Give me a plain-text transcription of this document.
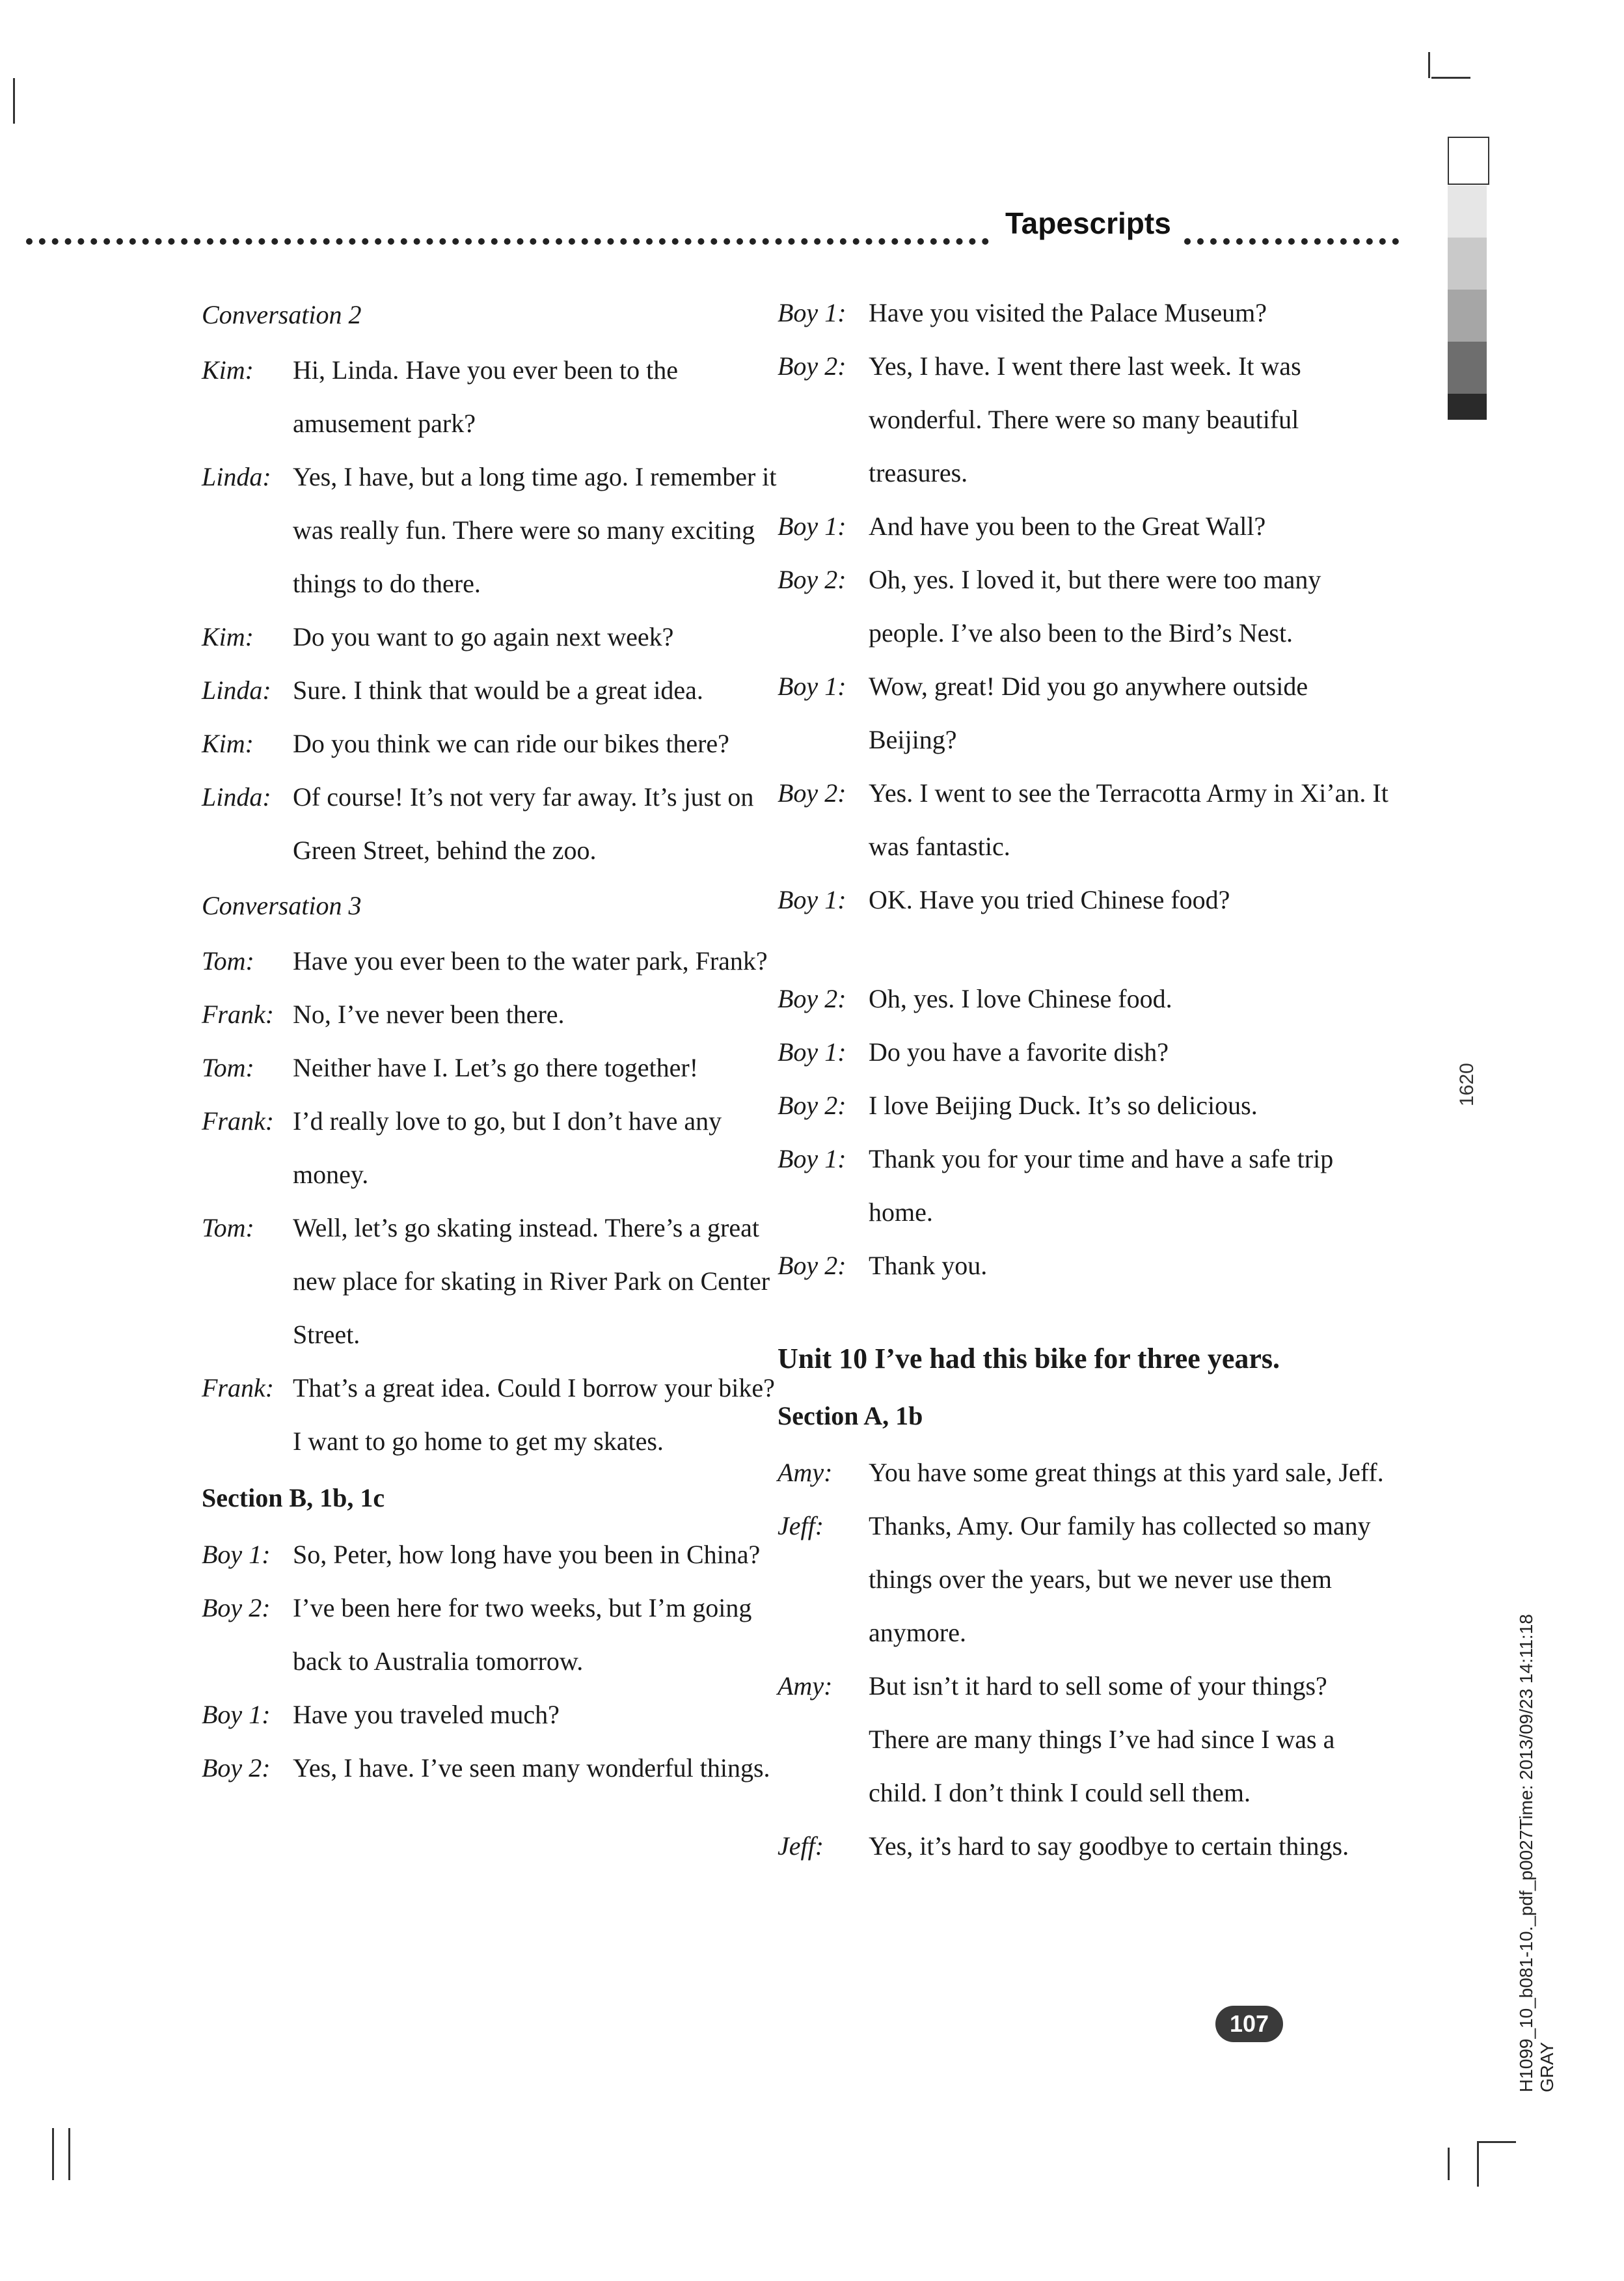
Tapescripts
Conversation 2
Kim: Hi, Linda. Have you ever been to the amusement park?
Linda: Yes, I have, but a long time ago. I remember it was really fun. There were so many exciting things to do there.
Kim: Do you want to go again next week?
Linda: Sure. I think that would be a great idea.
Kim: Do you think we can ride our bikes there?
Linda: Of course! It’s not very far away. It’s just on Green Street, behind the zoo.
Conversation 3
Tom: Have you ever been to the water park, Frank?
Frank: No, I’ve never been there.
Tom: Neither have I. Let’s go there together!
Frank: I’d really love to go, but I don’t have any money.
Tom: Well, let’s go skating instead. There’s a great new place for skating in River Park on Center Street.
Frank: That’s a great idea. Could I borrow your bike? I want to go home to get my skates.
Section B, 1b, 1c
Boy 1: So, Peter, how long have you been in China?
Boy 2: I’ve been here for two weeks, but I’m going back to Australia tomorrow.
Boy 1: Have you traveled much?
Boy 2: Yes, I have. I’ve seen many wonderful things.
Boy 1: Have you visited the Palace Museum?
Boy 2: Yes, I have. I went there last week. It was wonderful. There were so many beautiful treasures.
Boy 1: And have you been to the Great Wall?
Boy 2: Oh, yes. I loved it, but there were too many people. I’ve also been to the Bird’s Nest.
Boy 1: Wow, great! Did you go anywhere outside Beijing?
Boy 2: Yes. I went to see the Terracotta Army in Xi’an. It was fantastic.
Boy 1: OK. Have you tried Chinese food?
Boy 2: Oh, yes. I love Chinese food.
Boy 1: Do you have a favorite dish?
Boy 2: I love Beijing Duck. It’s so delicious.
Boy 1: Thank you for your time and have a safe trip home.
Boy 2: Thank you.
Unit 10 I’ve had this bike for three years.
Section A, 1b
Amy: You have some great things at this yard sale, Jeff.
Jeff: Thanks, Amy. Our family has collected so many things over the years, but we never use them anymore.
Amy: But isn’t it hard to sell some of your things? There are many things I’ve had since I was a child. I don’t think I could sell them.
Jeff: Yes, it’s hard to say goodbye to certain things.
107
1620
H1099_10_b081-10._pdf_p0027Time: 2013/09/23 14:11:18 GRAY
